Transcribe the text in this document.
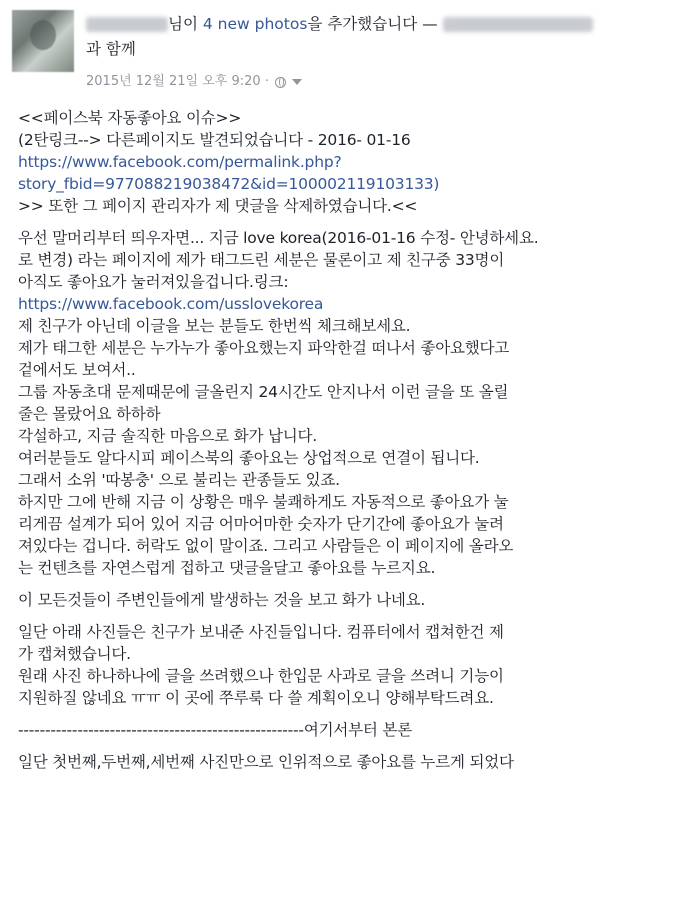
님이 4 new photos을 추가했습니다 —
과 함께
2015년 12월 21일 오후 9:20 ·

<<페이스북 자동좋아요 이슈>>

(2탄링크--> 다른페이지도 발견되었습니다 - 2016- 01-16

https://www.facebook.com/permalink.php?
story_fbid=977088219038472&id=100002119103133)

>> 또한 그 페이지 관리자가 제 댓글을 삭제하였습니다.<<

우선 말머리부터 띄우자면... 지금 love korea(2016-01-16 수정- 안녕하세요.

로 변경) 라는 페이지에 제가 태그드린 세분은 물론이고 제 친구중 33명이

아직도 좋아요가 눌러져있을겁니다.링크:

https://www.facebook.com/usslovekorea

제 친구가 아닌데 이글을 보는 분들도 한번씩 체크해보세요.

제가 태그한 세분은 누가누가 좋아요했는지 파악한걸 떠나서 좋아요했다고

겉에서도 보여서..

그룹 자동초대 문제때문에 글올린지 24시간도 안지나서 이런 글을 또 올릴

줄은 몰랐어요 하하하

각설하고, 지금 솔직한 마음으로 화가 납니다.

여러분들도 알다시피 페이스북의 좋아요는 상업적으로 연결이 됩니다.

그래서 소위 '따봉충' 으로 불리는 관종들도 있죠.

하지만 그에 반해 지금 이 상황은 매우 불쾌하게도 자동적으로 좋아요가 눌

리게끔 설계가 되어 있어 지금 어마어마한 숫자가 단기간에 좋아요가 눌려

져있다는 겁니다. 허락도 없이 말이죠. 그리고 사람들은 이 페이지에 올라오

는 컨텐츠를 자연스럽게 접하고 댓글을달고 좋아요를 누르지요.

이 모든것들이 주변인들에게 발생하는 것을 보고 화가 나네요.

일단 아래 사진들은 친구가 보내준 사진들입니다. 컴퓨터에서 캡쳐한건 제

가 캡쳐했습니다.

원래 사진 하나하나에 글을 쓰려했으나 한입문 사과로 글을 쓰려니 기능이

지원하질 않네요 ㅠㅠ 이 곳에 쭈루룩 다 쓸 계획이오니 양해부탁드려요.

-----------------------------------------------------여기서부터 본론

일단 첫번째,두번째,세번째 사진만으로 인위적으로 좋아요를 누르게 되었다
